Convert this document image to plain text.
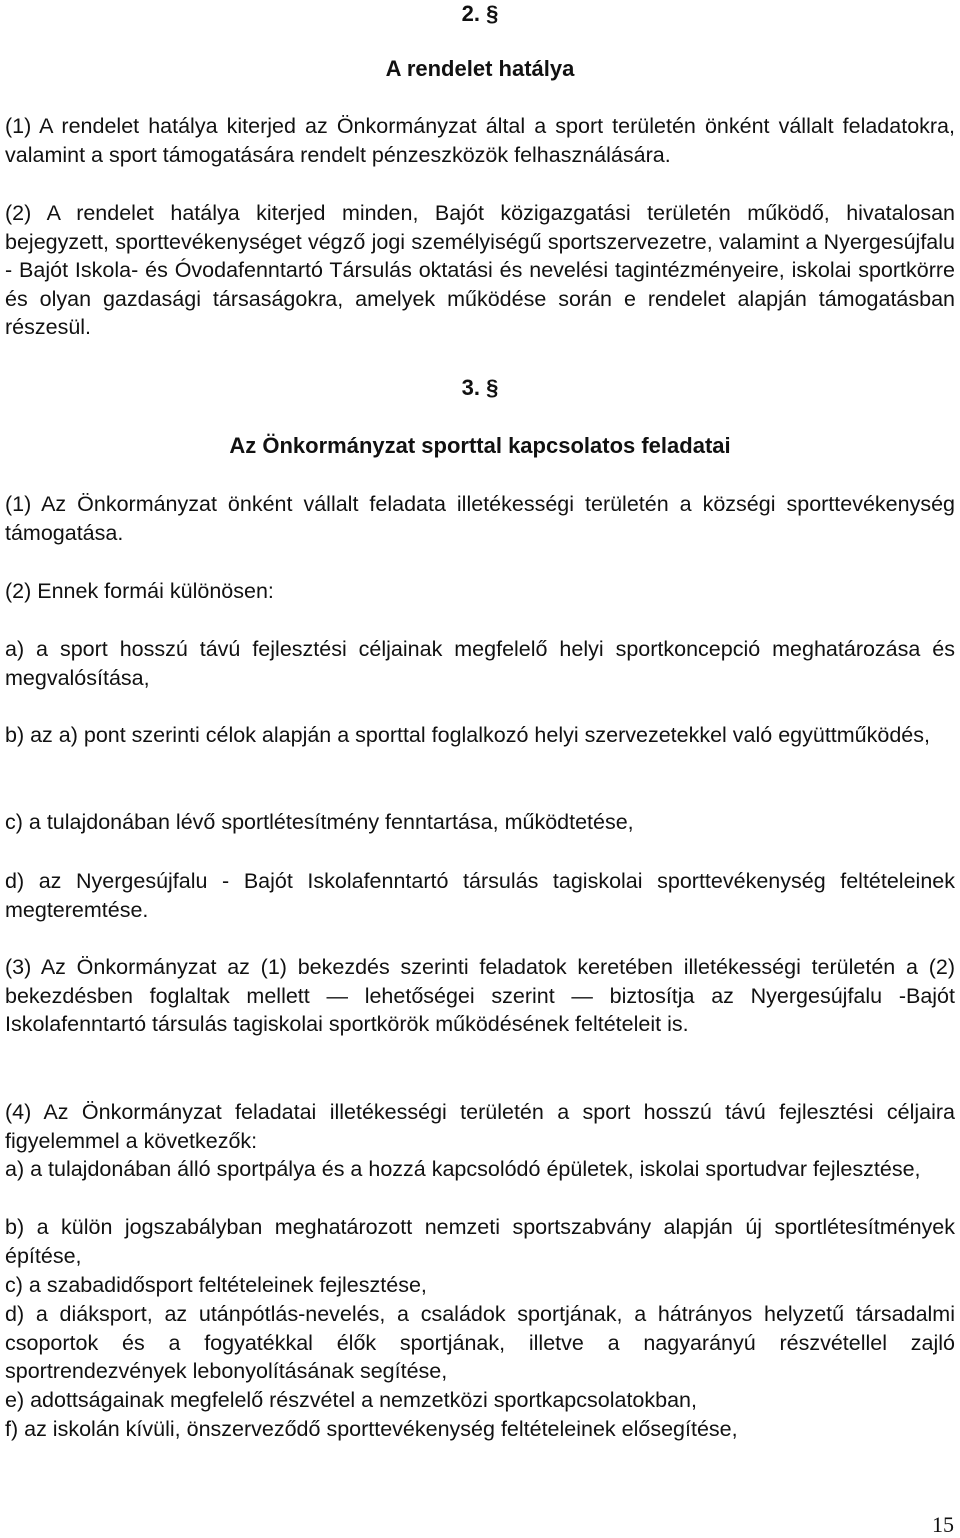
2. §
A rendelet hatálya

(1) A rendelet hatálya kiterjed az Önkormányzat által a sport területén önként vállalt feladatokra, valamint a sport támogatására rendelt pénzeszközök felhasználására.

(2) A rendelet hatálya kiterjed minden, Bajót közigazgatási területén működő, hivatalosan bejegyzett, sporttevékenységet végző jogi személyiségű sportszervezetre, valamint a Nyergesújfalu - Bajót Iskola- és Óvodafenntartó Társulás oktatási és nevelési tagintézményeire, iskolai sportkörre és olyan gazdasági társaságokra, amelyek működése során e rendelet alapján támogatásban részesül.

3. §
Az Önkormányzat sporttal kapcsolatos feladatai

(1) Az Önkormányzat önként vállalt feladata illetékességi területén a községi sporttevékenység támogatása.

(2) Ennek formái különösen:

a) a sport hosszú távú fejlesztési céljainak megfelelő helyi sportkoncepció meghatározása és megvalósítása,

b) az a) pont szerinti célok alapján a sporttal foglalkozó helyi szervezetekkel való együttműködés,

c) a tulajdonában lévő sportlétesítmény fenntartása, működtetése,

d) az Nyergesújfalu - Bajót Iskolafenntartó társulás tagiskolai sporttevékenység feltételeinek megteremtése.

(3) Az Önkormányzat az (1) bekezdés szerinti feladatok keretében illetékességi területén a (2) bekezdésben foglaltak mellett — lehetőségei szerint — biztosítja az Nyergesújfalu -Bajót Iskolafenntartó társulás tagiskolai sportkörök működésének feltételeit is.

(4) Az Önkormányzat feladatai illetékességi területén a sport hosszú távú fejlesztési céljaira figyelemmel a következők:

a) a tulajdonában álló sportpálya és a hozzá kapcsolódó épületek, iskolai sportudvar fejlesztése,

b) a külön jogszabályban meghatározott nemzeti sportszabvány alapján új sportlétesítmények építése,

c) a szabadidősport feltételeinek fejlesztése,

d) a diáksport, az utánpótlás-nevelés, a családok sportjának, a hátrányos helyzetű társadalmi csoportok és a fogyatékkal élők sportjának, illetve a nagyarányú részvétellel zajló sportrendezvények lebonyolításának segítése,

e) adottságainak megfelelő részvétel a nemzetközi sportkapcsolatokban,

f) az iskolán kívüli, önszerveződő sporttevékenység feltételeinek elősegítése,

15
